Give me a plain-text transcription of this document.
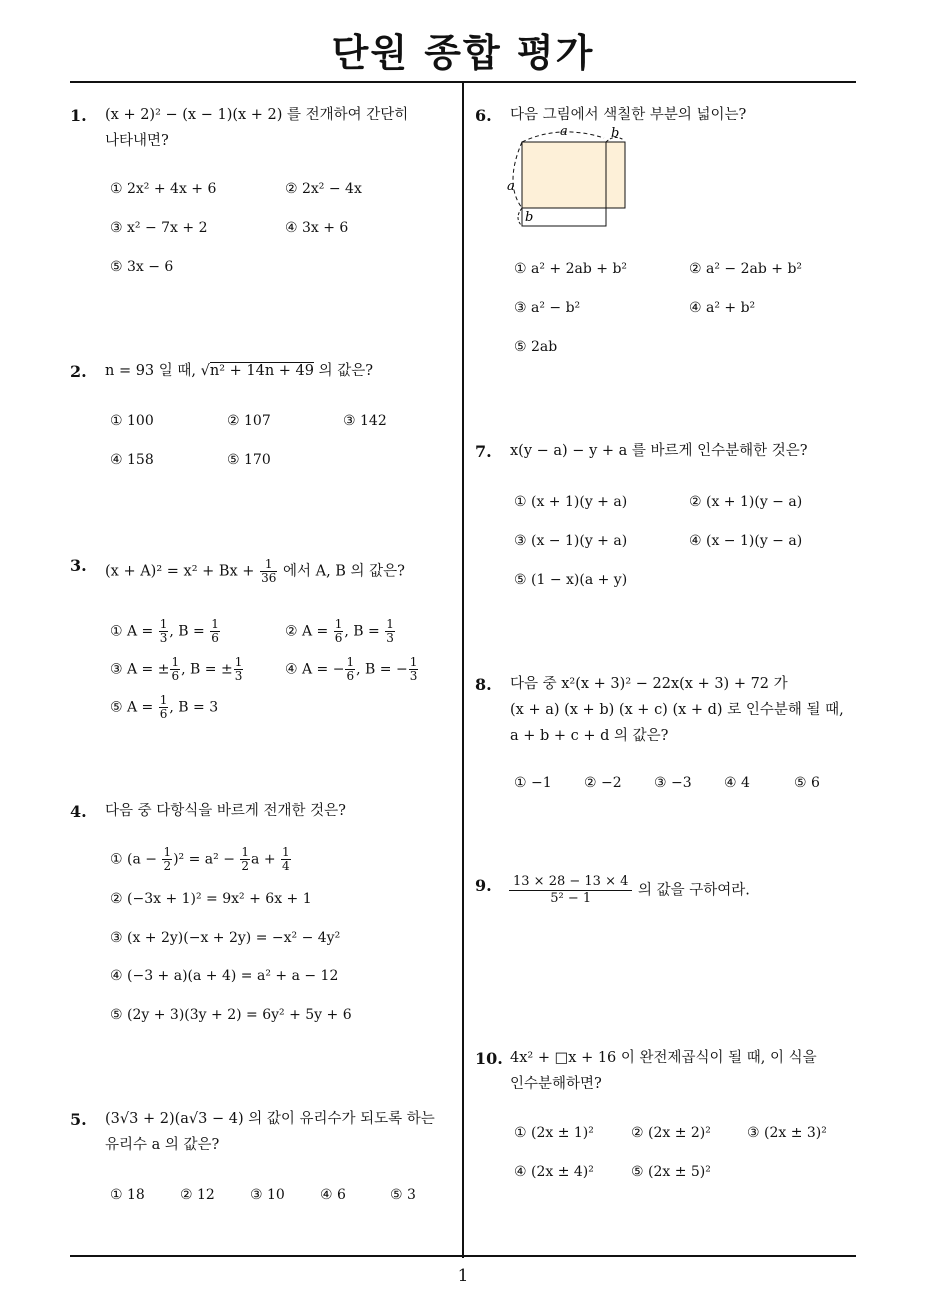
단원 종합 평가
1
1. (x + 2)² − (x − 1)(x + 2) 를 전개하여 간단히
나타내면?
① 2x² + 4x + 6	② 2x² − 4x
③ x² − 7x + 2	④ 3x + 6
⑤ 3x − 6
2. n = 93 일 때, √n² + 14n + 49 의 값은?
① 100	② 107	③ 142
④ 158	⑤ 170
3. $(x + A)^2 = x^2 + Bx + \frac{1}{36}$ 에서 A, B 의 값은?
① $A = \frac{1}{3}$ , $B = \frac{1}{6}$	② $A = \frac{1}{6}$ , $B = \frac{1}{3}$
③ A = ± $\frac{1}{6}$ , B = ± $\frac{1}{3}$	④ A = − $\frac{1}{6}$ , B = − $\frac{1}{3}$
⑤ $A = \frac{1}{6}$ , B = 3
4. 다음 중 다항식을 바르게 전개한 것은?
① $(a - \frac{1}{2} )^2 = a^2 - \frac{1}{2}$ $a + \frac{1}{4}$
② (−3x + 1)² = 9x² + 6x + 1
③ (x + 2y)(−x + 2y) = −x² − 4y²
④ (−3 + a)(a + 4) = a² + a − 12
⑤ (2y + 3)(3y + 2) = 6y² + 5y + 6
5. (3√3 + 2)(a√3 − 4) 의 값이 유리수가 되도록 하는
유리수 a 의 값은?
① 18	② 12	③ 10	④ 6	⑤ 3
6. 다음 그림에서 색칠한 부분의 넓이는?
a	b
a
b
① a² + 2ab + b²	② a² − 2ab + b²
③ a² − b²	④ a² + b²
⑤ 2ab
7. x(y − a) − y + a 를 바르게 인수분해한 것은?
① (x + 1)(y + a)	② (x + 1)(y − a)
③ (x − 1)(y + a)	④ (x − 1)(y − a)
⑤ (1 − x)(a + y)
8. 다음 중 x²(x + 3)² − 22x(x + 3) + 72 가
(x + a) (x + b) (x + c) (x + d) 로 인수분해 될 때,
a + b + c + d 의 값은?
① −1 ② −2 ③ −3 ④ 4	⑤ 6
9. $\frac{13 \times 28 - 13 \times 4}{\text{5² − 1}}$ 의 값을 구하여라.
10. 4x² + □x + 16 이 완전제곱식이 될 때, 이 식을
인수분해하면?
① (2x ± 1)²	② (2x ± 2)²	③ (2x ± 3)²
④ (2x ± 4)²	⑤ (2x ± 5)²
